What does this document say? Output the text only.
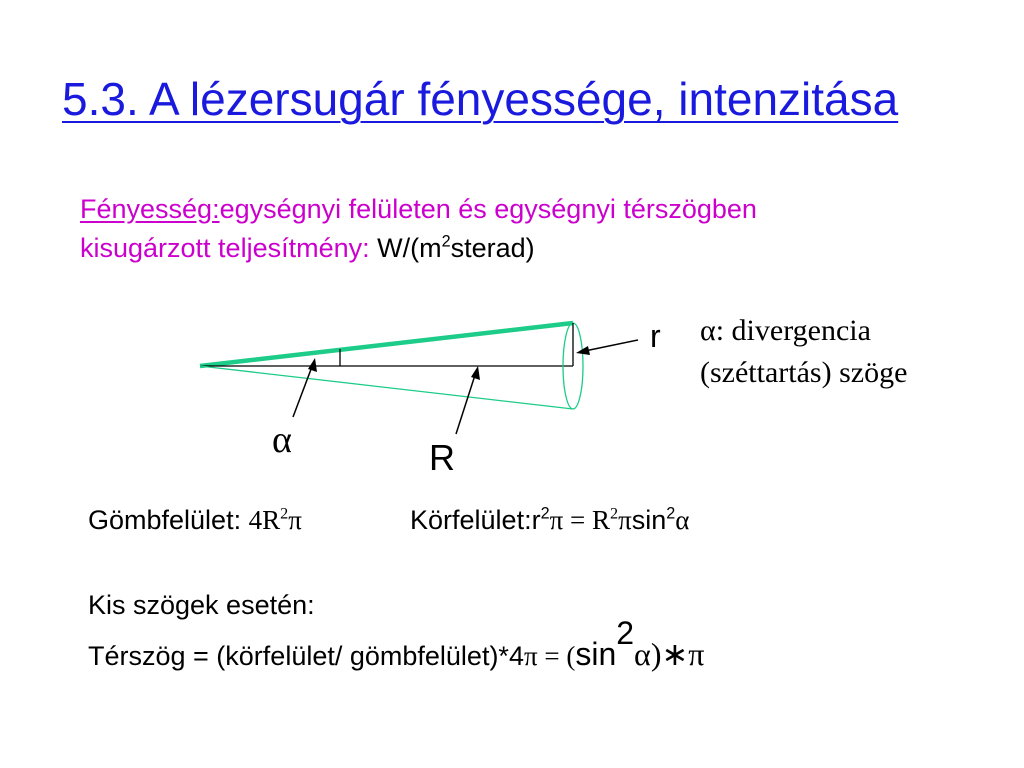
5.3. A lézersugár fényessége, intenzitása
Fényesség:egységnyi felületen és egységnyi térszögben
kisugárzott teljesítmény: $W/(m^2sterad)$
r
R
α
α: divergencia
(széttartás) szöge
Gömbfelület: $4R^2\pi$	$Körfelület:r^2\pi = R^2\pi\sin^2\alpha$
Kis szögek esetén:
Térszög = (körfelület/ gömbfelület)*4π = $(\sin^2\alpha)∗\pi$
